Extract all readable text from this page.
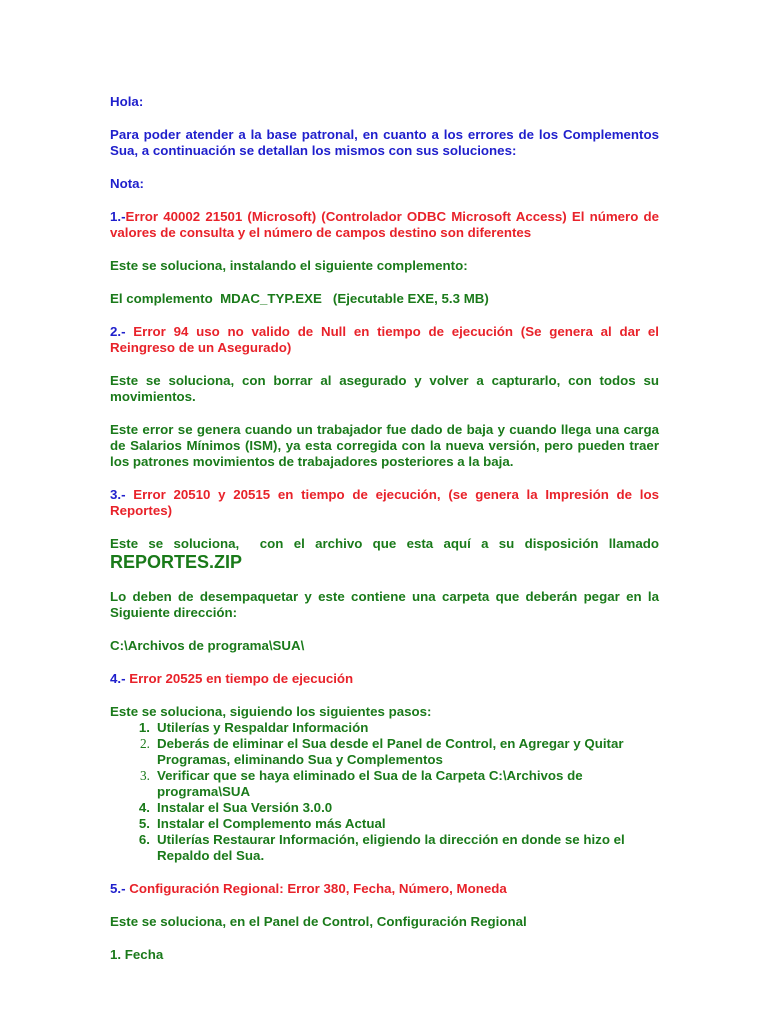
Hola:

Para poder atender a la base patronal, en cuanto a los errores de los Complementos Sua, a continuación se detallan los mismos con sus soluciones:

Nota:

1.-Error 40002 21501 (Microsoft) (Controlador ODBC Microsoft Access) El número de valores de consulta y el número de campos destino son diferentes

Este se soluciona, instalando el siguiente complemento:

El complemento  MDAC_TYP.EXE   (Ejecutable EXE, 5.3 MB)

2.- Error 94 uso no valido de Null en tiempo de ejecución (Se genera al dar el Reingreso de un Asegurado)

Este se soluciona, con borrar al asegurado y volver a capturarlo, con todos su movimientos.

Este error se genera cuando un trabajador fue dado de baja y cuando llega una carga de Salarios Mínimos (ISM), ya esta corregida con la nueva versión, pero pueden traer los patrones movimientos de trabajadores posteriores a la baja.

3.- Error 20510 y 20515 en tiempo de ejecución, (se genera la Impresión de los Reportes)

Este se soluciona,  con el archivo que esta aquí a su disposición llamado REPORTES.ZIP

Lo deben de desempaquetar y este contiene una carpeta que deberán pegar en la Siguiente dirección:

C:\Archivos de programa\SUA\

4.- Error 20525 en tiempo de ejecución

Este se soluciona, siguiendo los siguientes pasos:

1. Utilerías y Respaldar Información
2. Deberás de eliminar el Sua desde el Panel de Control, en Agregar y Quitar Programas, eliminando Sua y Complementos
3. Verificar que se haya eliminado el Sua de la Carpeta C:\Archivos de programa\SUA
4. Instalar el Sua Versión 3.0.0
5. Instalar el Complemento más Actual
6. Utilerías Restaurar Información, eligiendo la dirección en donde se hizo el Repaldo del Sua.

5.- Configuración Regional: Error 380, Fecha, Número, Moneda

Este se soluciona, en el Panel de Control, Configuración Regional

1. Fecha
